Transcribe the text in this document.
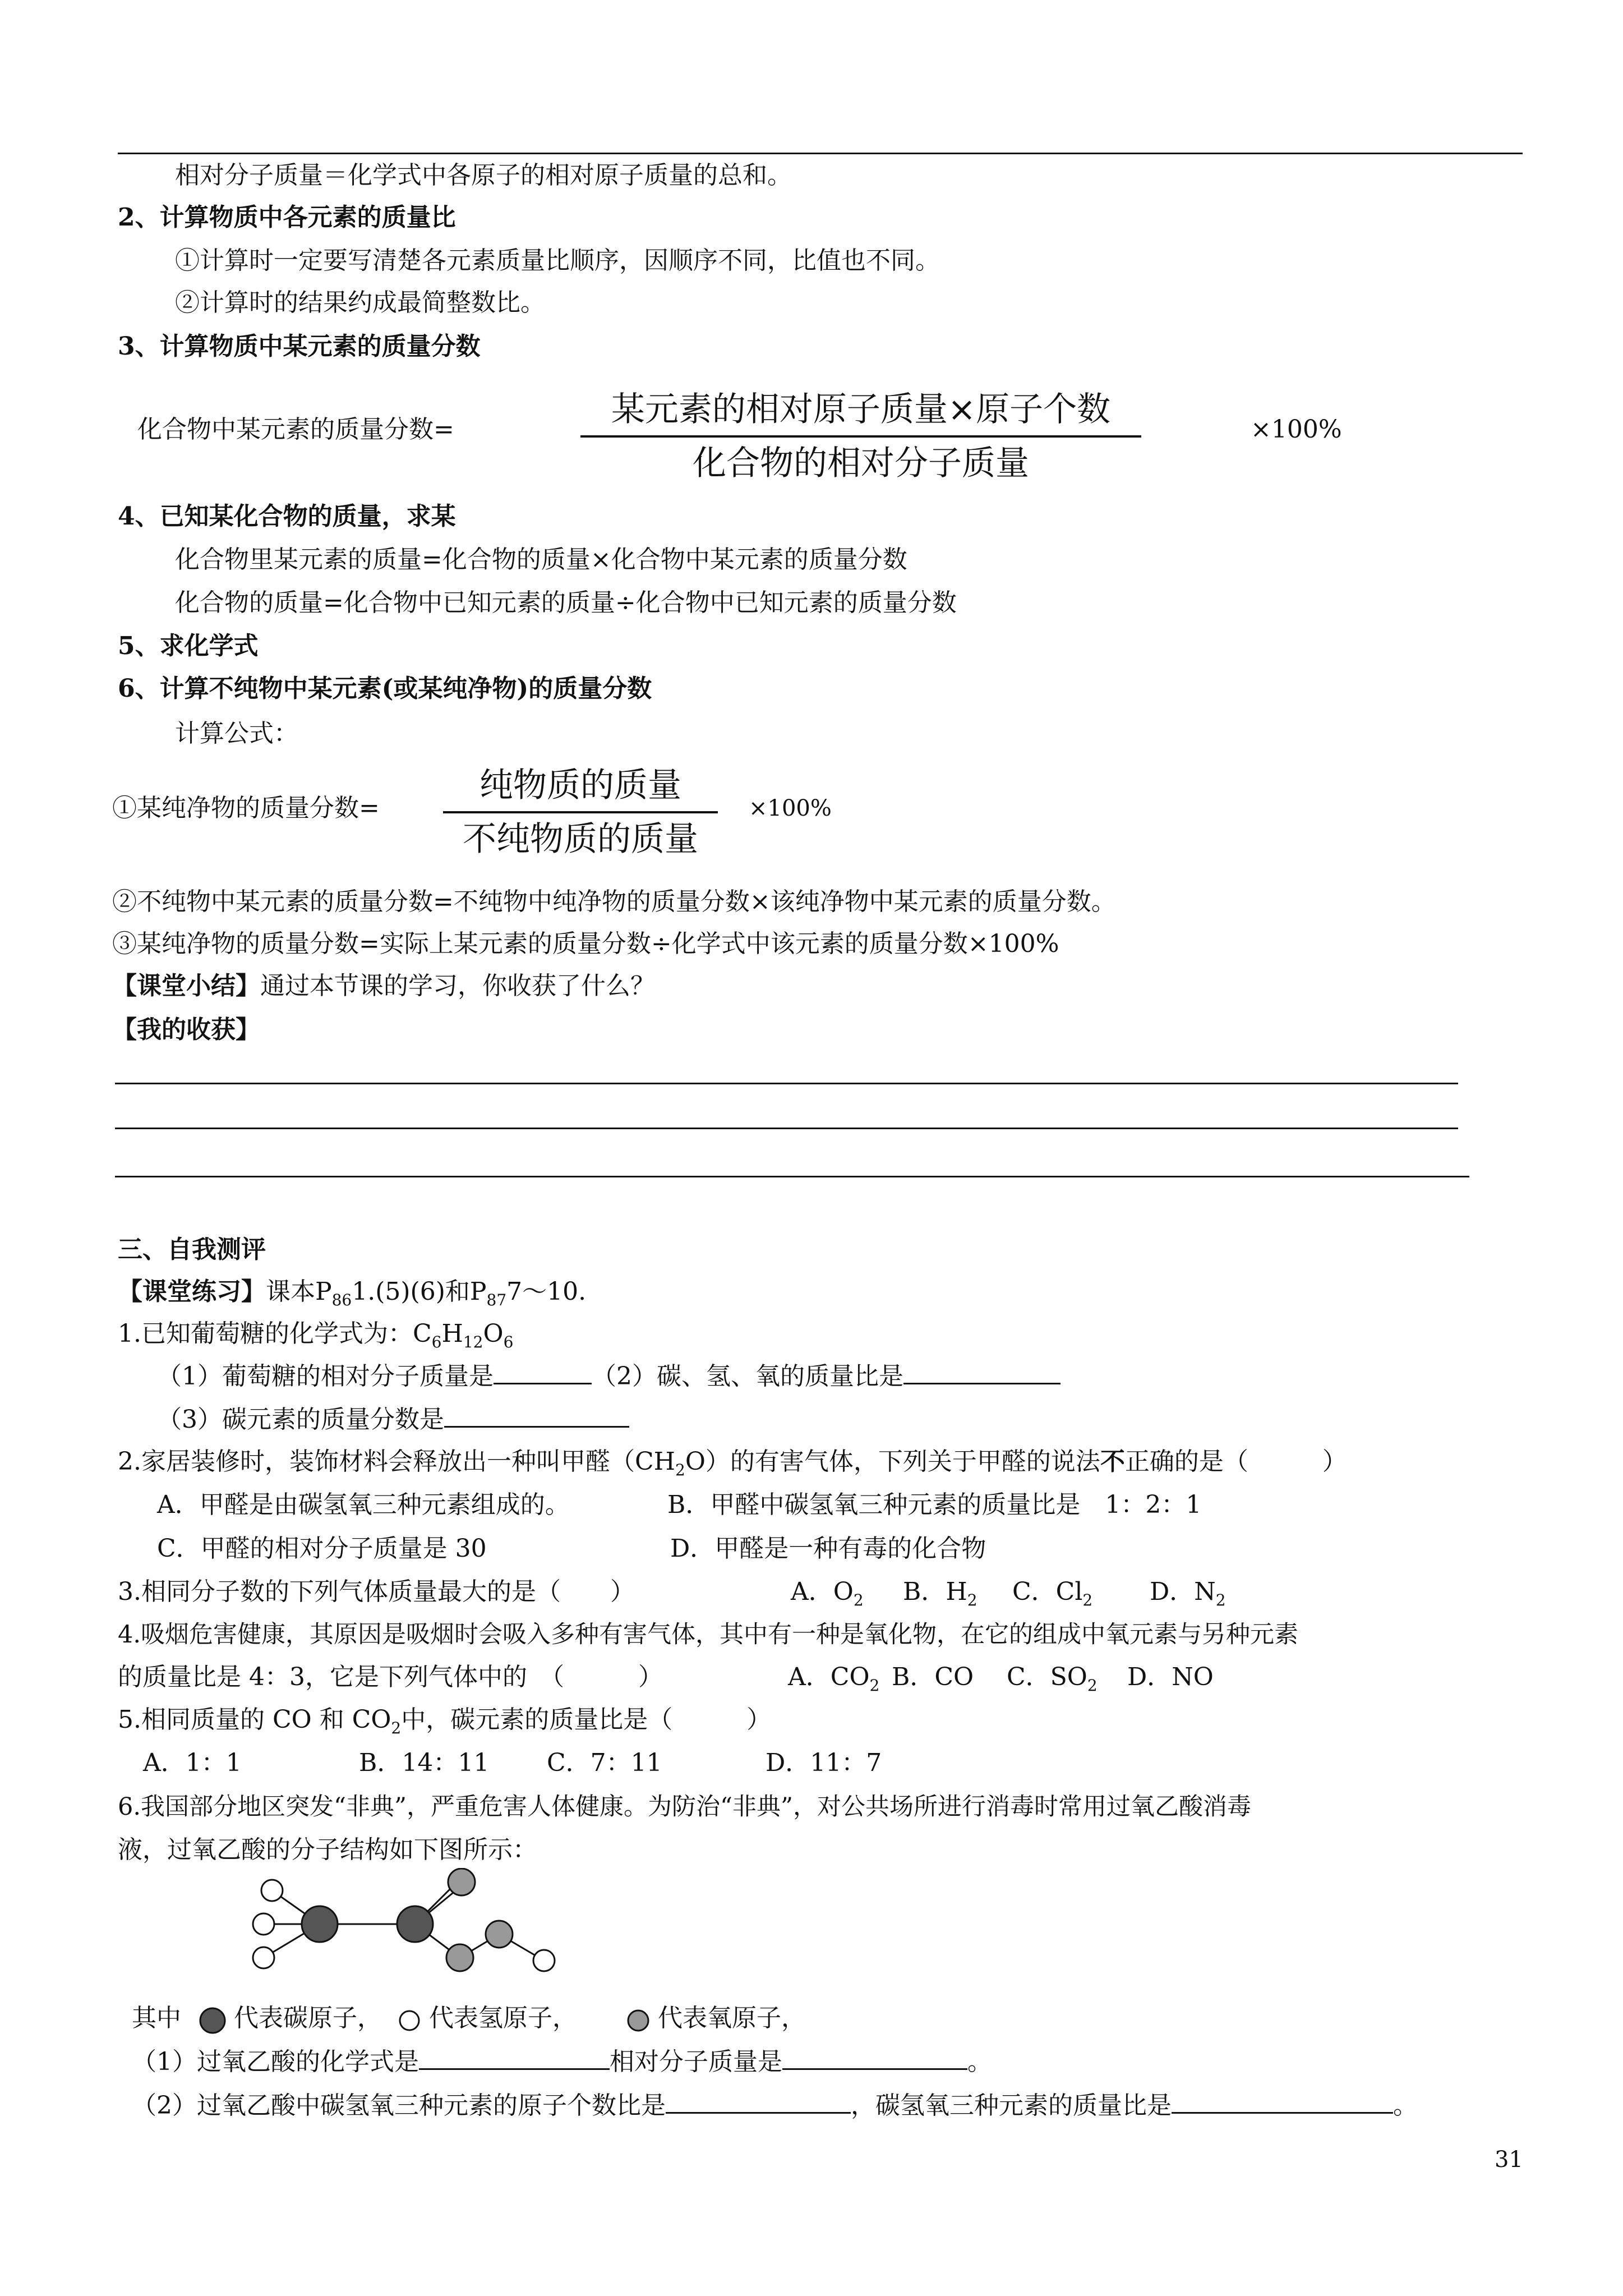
相对分子质量＝化学式中各原子的相对原子质量的总和。
2、计算物质中各元素的质量比
①计算时一定要写清楚各元素质量比顺序，因顺序不同，比值也不同。
②计算时的结果约成最简整数比。
3、计算物质中某元素的质量分数
化合物中某元素的质量分数=
某元素的相对原子质量×原子个数
化合物的相对分子质量
×100%
4、已知某化合物的质量，求某
化合物里某元素的质量=化合物的质量×化合物中某元素的质量分数
化合物的质量=化合物中已知元素的质量÷化合物中已知元素的质量分数
5、求化学式
6、计算不纯物中某元素(或某纯净物)的质量分数
计算公式：
①某纯净物的质量分数=
纯物质的质量
不纯物质的质量
×100%
②不纯物中某元素的质量分数=不纯物中纯净物的质量分数×该纯净物中某元素的质量分数。
③某纯净物的质量分数=实际上某元素的质量分数÷化学式中该元素的质量分数×100%
【课堂小结】通过本节课的学习，你收获了什么？
【我的收获】
三、自我测评
【课堂练习】课本$P_{86}1.(5)(6)$和$P_{87}7\sim 10$.
1.已知葡萄糖的化学式为：$C_6H_{12}O_6$
（1）葡萄糖的相对分子质量是	（2）碳、氢、氧的质量比是
（3）碳元素的质量分数是
2.家居装修时，装饰材料会释放出一种叫甲醛$(CH_2O)$的有害气体，下列关于甲醛的说法不正确的是（　　　）
A．甲醛是由碳氢氧三种元素组成的。	B．甲醛中碳氢氧三种元素的质量比是　1：2：1
C．甲醛的相对分子质量是 30	D．甲醛是一种有毒的化合物
3.相同分子数的下列气体质量最大的是（　　）	A．$O_2$ B．$H_2$ C．$Cl_2$ D．$N_2$
4.吸烟危害健康，其原因是吸烟时会吸入多种有害气体，其中有一种是氧化物，在它的组成中氧元素与另种元素
的质量比是 4：3，它是下列气体中的　（　　　）	A．$CO_2$ B．CO C．$SO_2$ D．NO
5.相同质量的 CO 和 $CO_2$中，碳元素的质量比是（　　　）
A．1：1	B．14：11 C．7：11	D．11：7
6.我国部分地区突发“非典”，严重危害人体健康。为防治“非典”，对公共场所进行消毒时常用过氧乙酸消毒
液，过氧乙酸的分子结构如下图所示：
其中 代表碳原子， 代表氢原子，	代表氧原子，
（1）过氧乙酸的化学式是	相对分子质量是	。
（2）过氧乙酸中碳氢氧三种元素的原子个数比是	，碳氢氧三种元素的质量比是	。
31
